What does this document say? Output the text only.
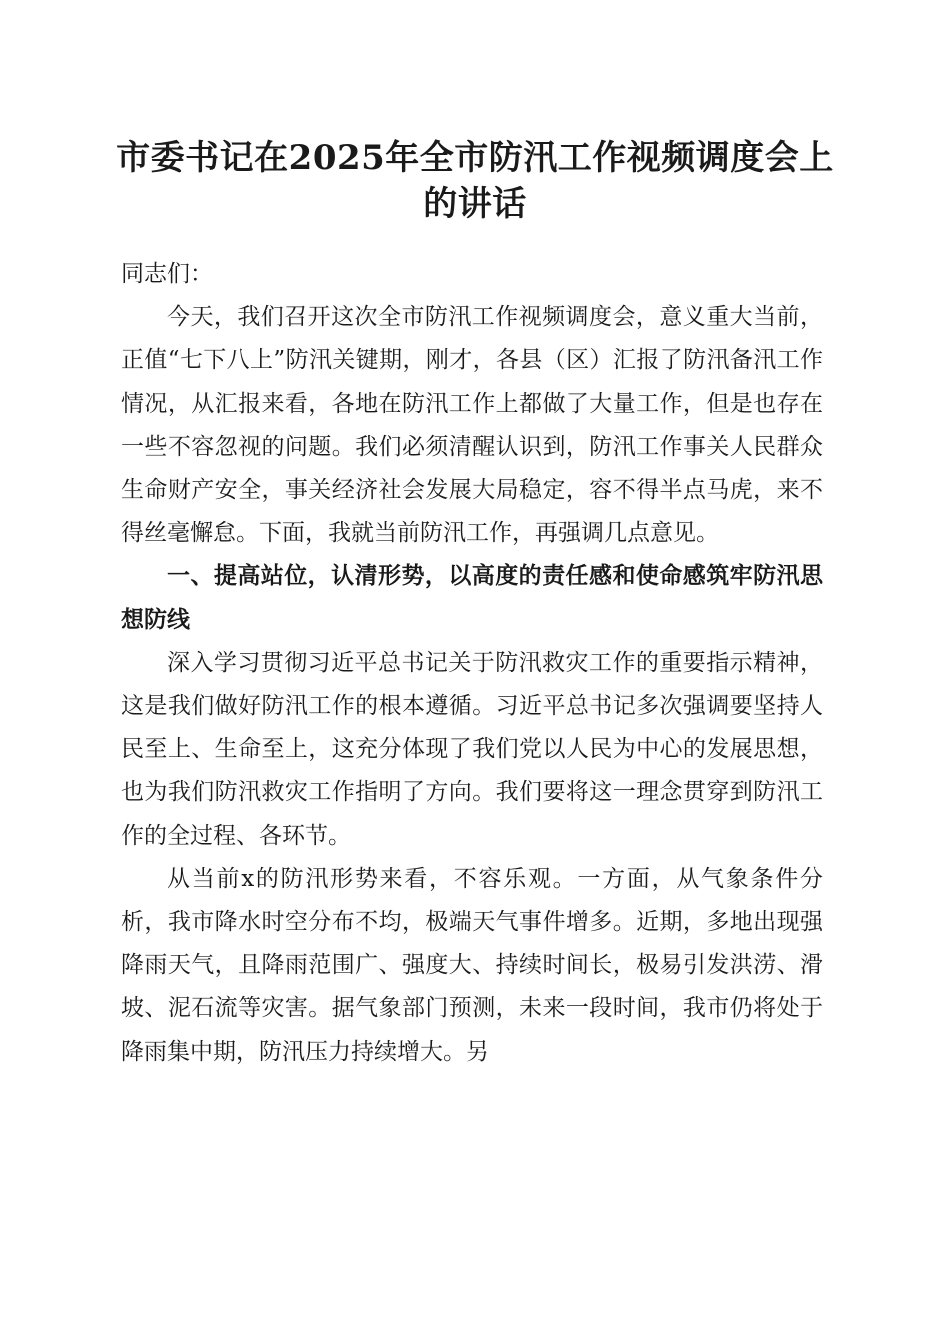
市委书记在2025年全市防汛工作视频调度会上的讲话

同志们：

今天，我们召开这次全市防汛工作视频调度会，意义重大当前，正值“七下八上”防汛关键期，刚才，各县（区）汇报了防汛备汛工作情况，从汇报来看，各地在防汛工作上都做了大量工作，但是也存在一些不容忽视的问题。我们必须清醒认识到，防汛工作事关人民群众生命财产安全，事关经济社会发展大局稳定，容不得半点马虎，来不得丝毫懈怠。下面，我就当前防汛工作，再强调几点意见。

一、提高站位，认清形势，以高度的责任感和使命感筑牢防汛思想防线

深入学习贯彻习近平总书记关于防汛救灾工作的重要指示精神，这是我们做好防汛工作的根本遵循。习近平总书记多次强调要坚持人民至上、生命至上，这充分体现了我们党以人民为中心的发展思想，也为我们防汛救灾工作指明了方向。我们要将这一理念贯穿到防汛工作的全过程、各环节。

从当前x的防汛形势来看，不容乐观。一方面，从气象条件分析，我市降水时空分布不均，极端天气事件增多。近期，多地出现强降雨天气，且降雨范围广、强度大、持续时间长，极易引发洪涝、滑坡、泥石流等灾害。据气象部门预测，未来一段时间，我市仍将处于降雨集中期，防汛压力持续增大。另
